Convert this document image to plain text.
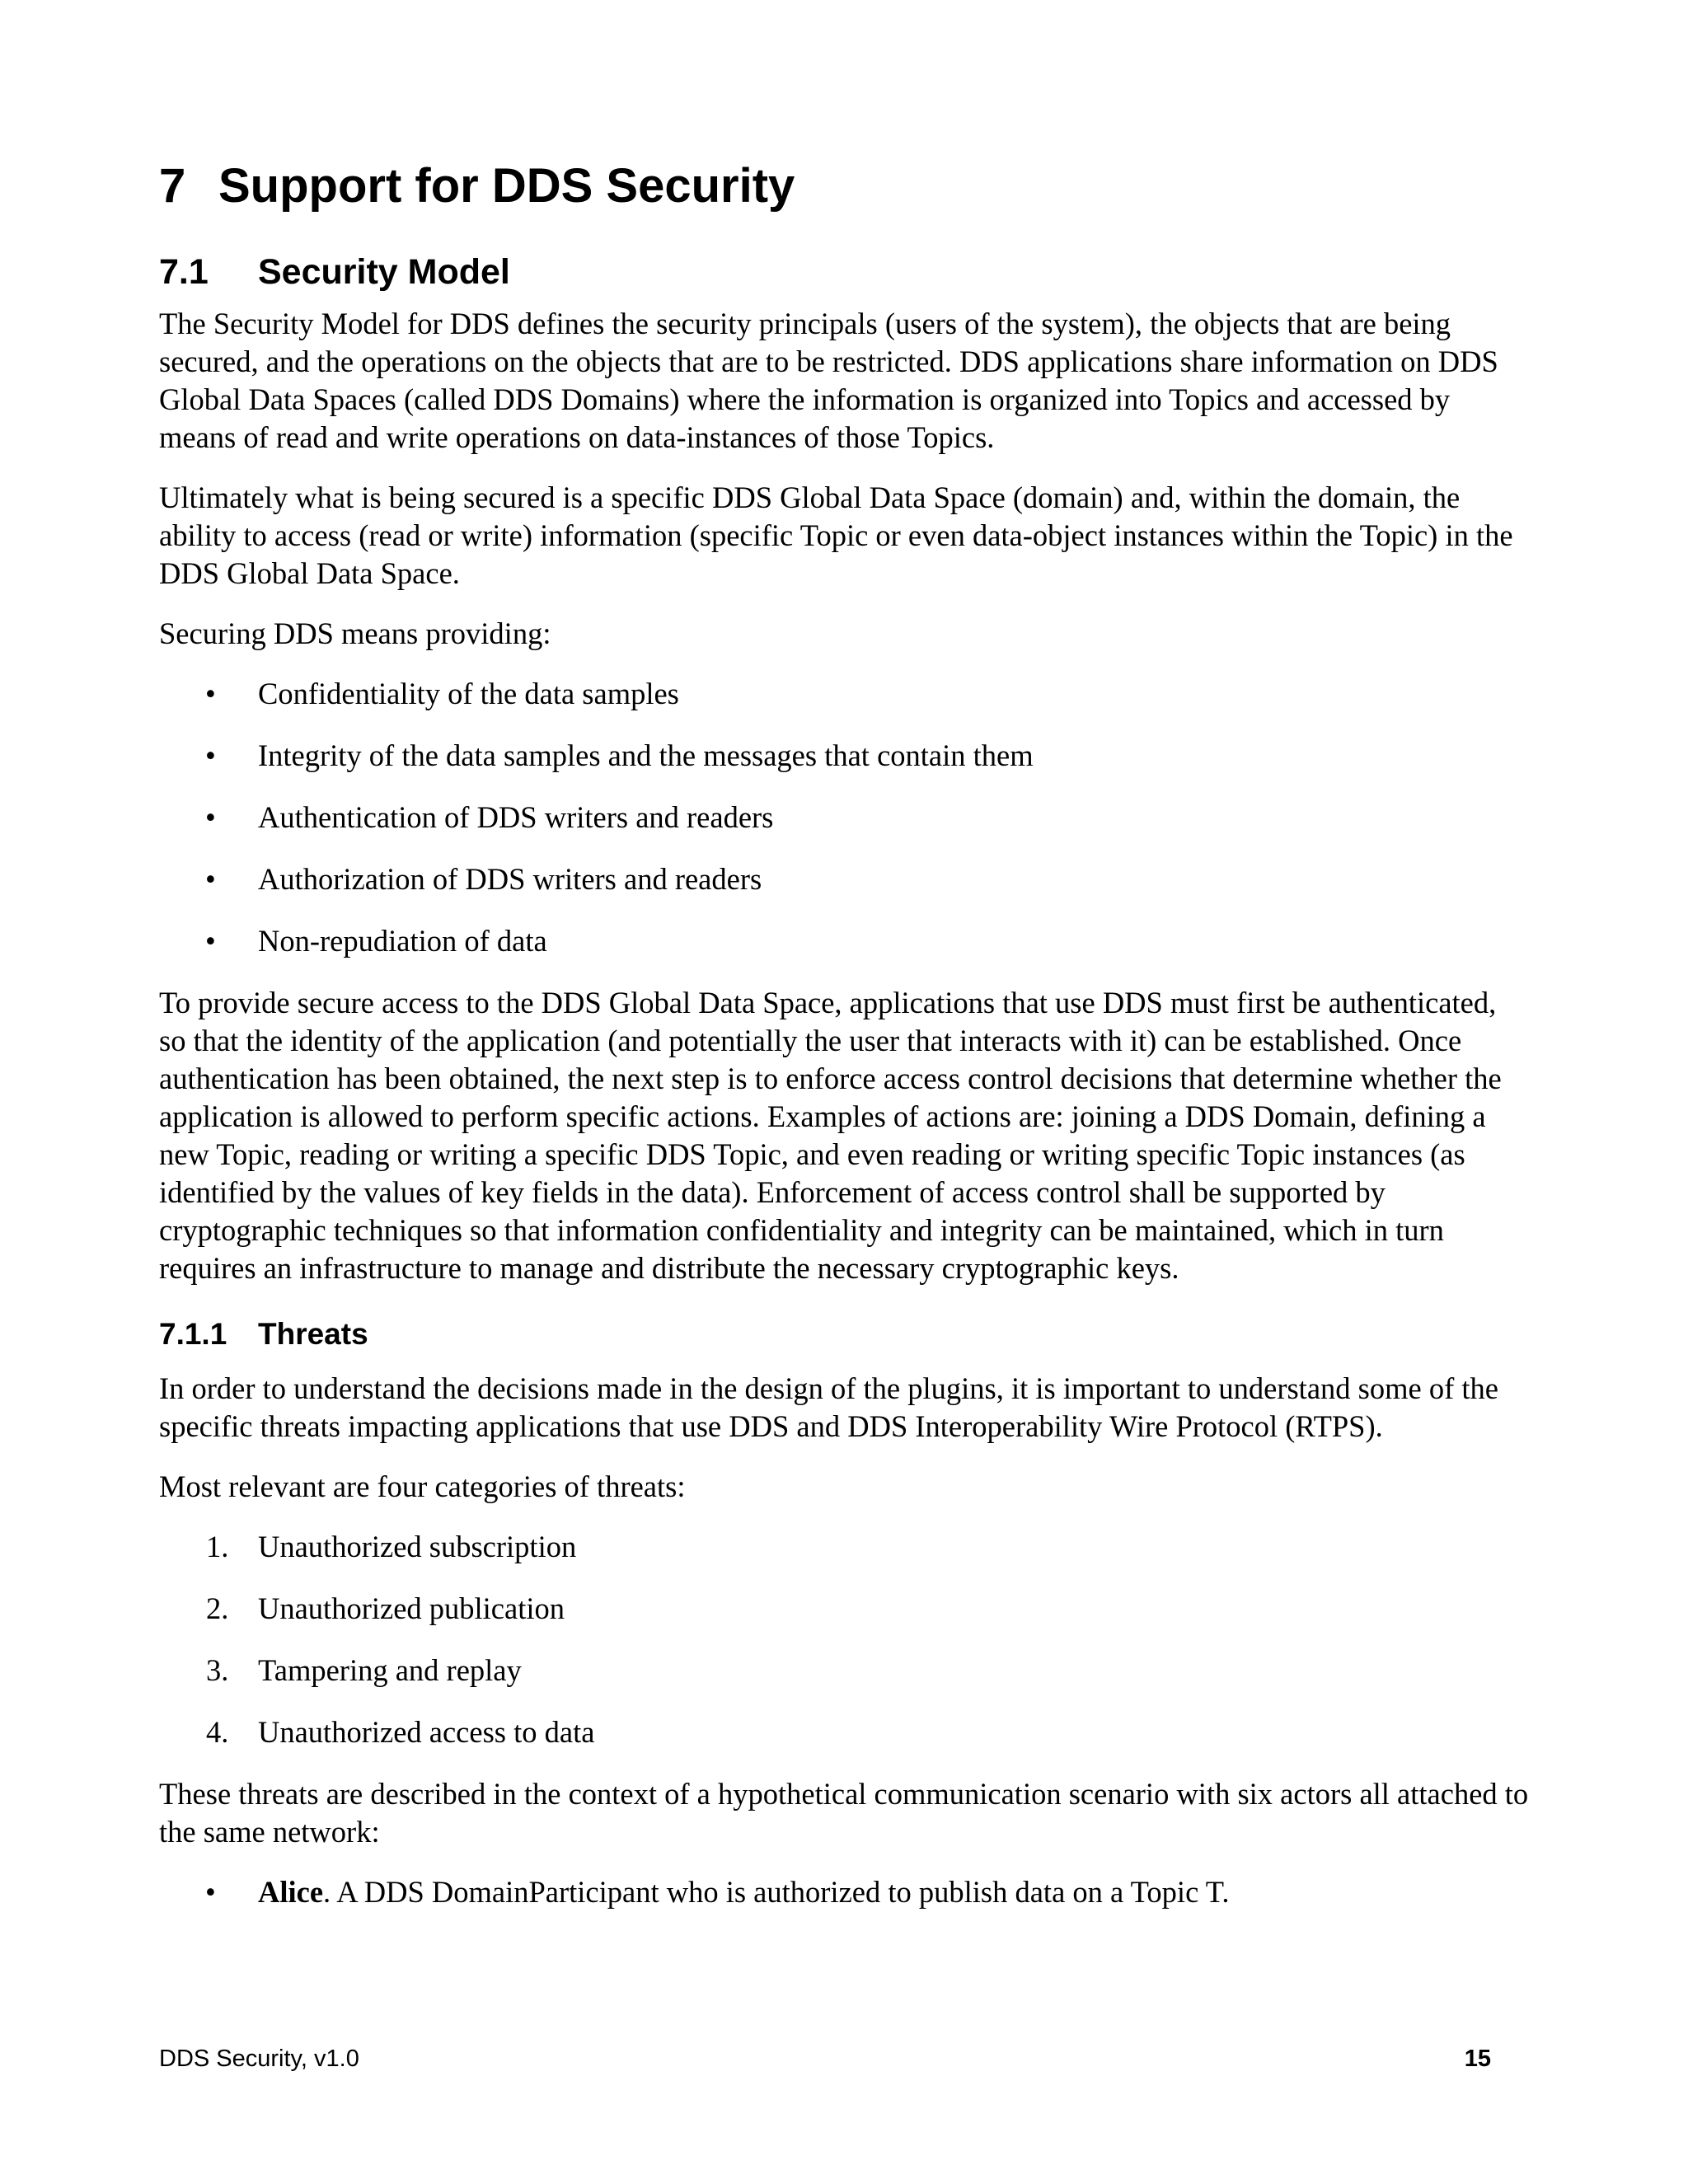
7 Support for DDS Security
7.1	Security Model

The Security Model for DDS defines the security principals (users of the system), the objects that are being secured, and the operations on the objects that are to be restricted. DDS applications share information on DDS Global Data Spaces (called DDS Domains) where the information is organized into Topics and accessed by means of read and write operations on data-instances of those Topics.

Ultimately what is being secured is a specific DDS Global Data Space (domain) and, within the domain, the ability to access (read or write) information (specific Topic or even data-object instances within the Topic) in the DDS Global Data Space.

Securing DDS means providing:

•	Confidentiality of the data samples
•	Integrity of the data samples and the messages that contain them
•	Authentication of DDS writers and readers
•	Authorization of DDS writers and readers
•	Non-repudiation of data

To provide secure access to the DDS Global Data Space, applications that use DDS must first be authenticated, so that the identity of the application (and potentially the user that interacts with it) can be established. Once authentication has been obtained, the next step is to enforce access control decisions that determine whether the application is allowed to perform specific actions. Examples of actions are: joining a DDS Domain, defining a new Topic, reading or writing a specific DDS Topic, and even reading or writing specific Topic instances (as identified by the values of key fields in the data). Enforcement of access control shall be supported by cryptographic techniques so that information confidentiality and integrity can be maintained, which in turn requires an infrastructure to manage and distribute the necessary cryptographic keys.

7.1.1	Threats

In order to understand the decisions made in the design of the plugins, it is important to understand some of the specific threats impacting applications that use DDS and DDS Interoperability Wire Protocol (RTPS).

Most relevant are four categories of threats:

1. Unauthorized subscription
2. Unauthorized publication
3. Tampering and replay
4. Unauthorized access to data

These threats are described in the context of a hypothetical communication scenario with six actors all attached to the same network:

•	Alice. A DDS DomainParticipant who is authorized to publish data on a Topic T.
DDS Security, v1.0	15
